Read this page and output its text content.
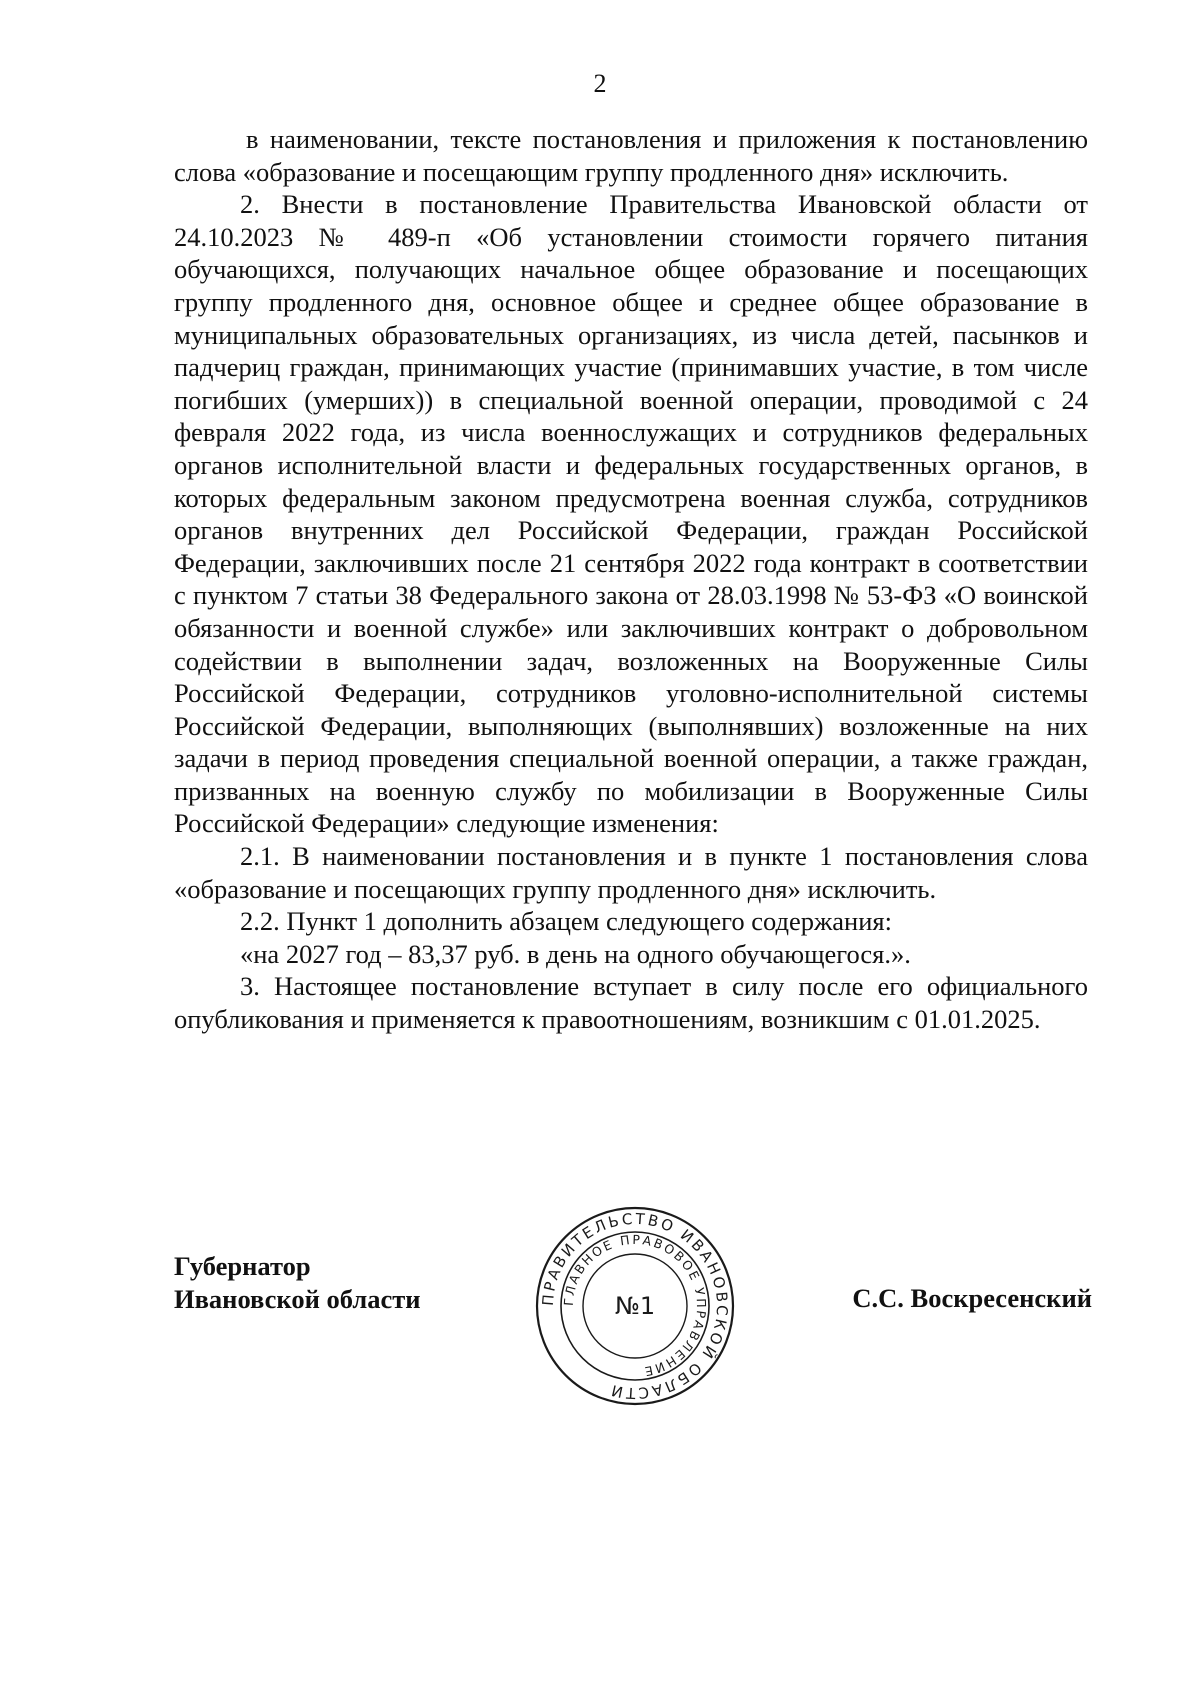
2

в наименовании, тексте постановления и приложения к постановлению слова «образование и посещающим группу продленного дня» исключить.

2. Внести в постановление Правительства Ивановской области от 24.10.2023 № 489-п «Об установлении стоимости горячего питания обучающихся, получающих начальное общее образование и посещающих группу продленного дня, основное общее и среднее общее образование в муниципальных образовательных организациях, из числа детей, пасынков и падчериц граждан, принимающих участие (принимавших участие, в том числе погибших (умерших)) в специальной военной операции, проводимой с 24 февраля 2022 года, из числа военнослужащих и сотрудников федеральных органов исполнительной власти и федеральных государственных органов, в которых федеральным законом предусмотрена военная служба, сотрудников органов внутренних дел Российской Федерации, граждан Российской Федерации, заключивших после 21 сентября 2022 года контракт в соответствии с пунктом 7 статьи 38 Федерального закона от 28.03.1998 № 53-ФЗ «О воинской обязанности и военной службе» или заключивших контракт о добровольном содействии в выполнении задач, возложенных на Вооруженные Силы Российской Федерации, сотрудников уголовно-исполнительной системы Российской Федерации, выполняющих (выполнявших) возложенные на них задачи в период проведения специальной военной операции, а также граждан, призванных на военную службу по мобилизации в Вооруженные Силы Российской Федерации» следующие изменения:

2.1. В наименовании постановления и в пункте 1 постановления слова «образование и посещающих группу продленного дня» исключить.

2.2. Пункт 1 дополнить абзацем следующего содержания:

«на 2027 год – 83,37 руб. в день на одного обучающегося.».

3. Настоящее постановление вступает в силу после его официального опубликования и применяется к правоотношениям, возникшим с 01.01.2025.

Губернатор
Ивановской области	С.С. Воскресенский
ПРАВИТЕЛЬСТВО ИВАНОВСКОЙ ОБЛАСТИ
ГЛАВНОЕ ПРАВОВОЕ УПРАВЛЕНИЕ
№1
